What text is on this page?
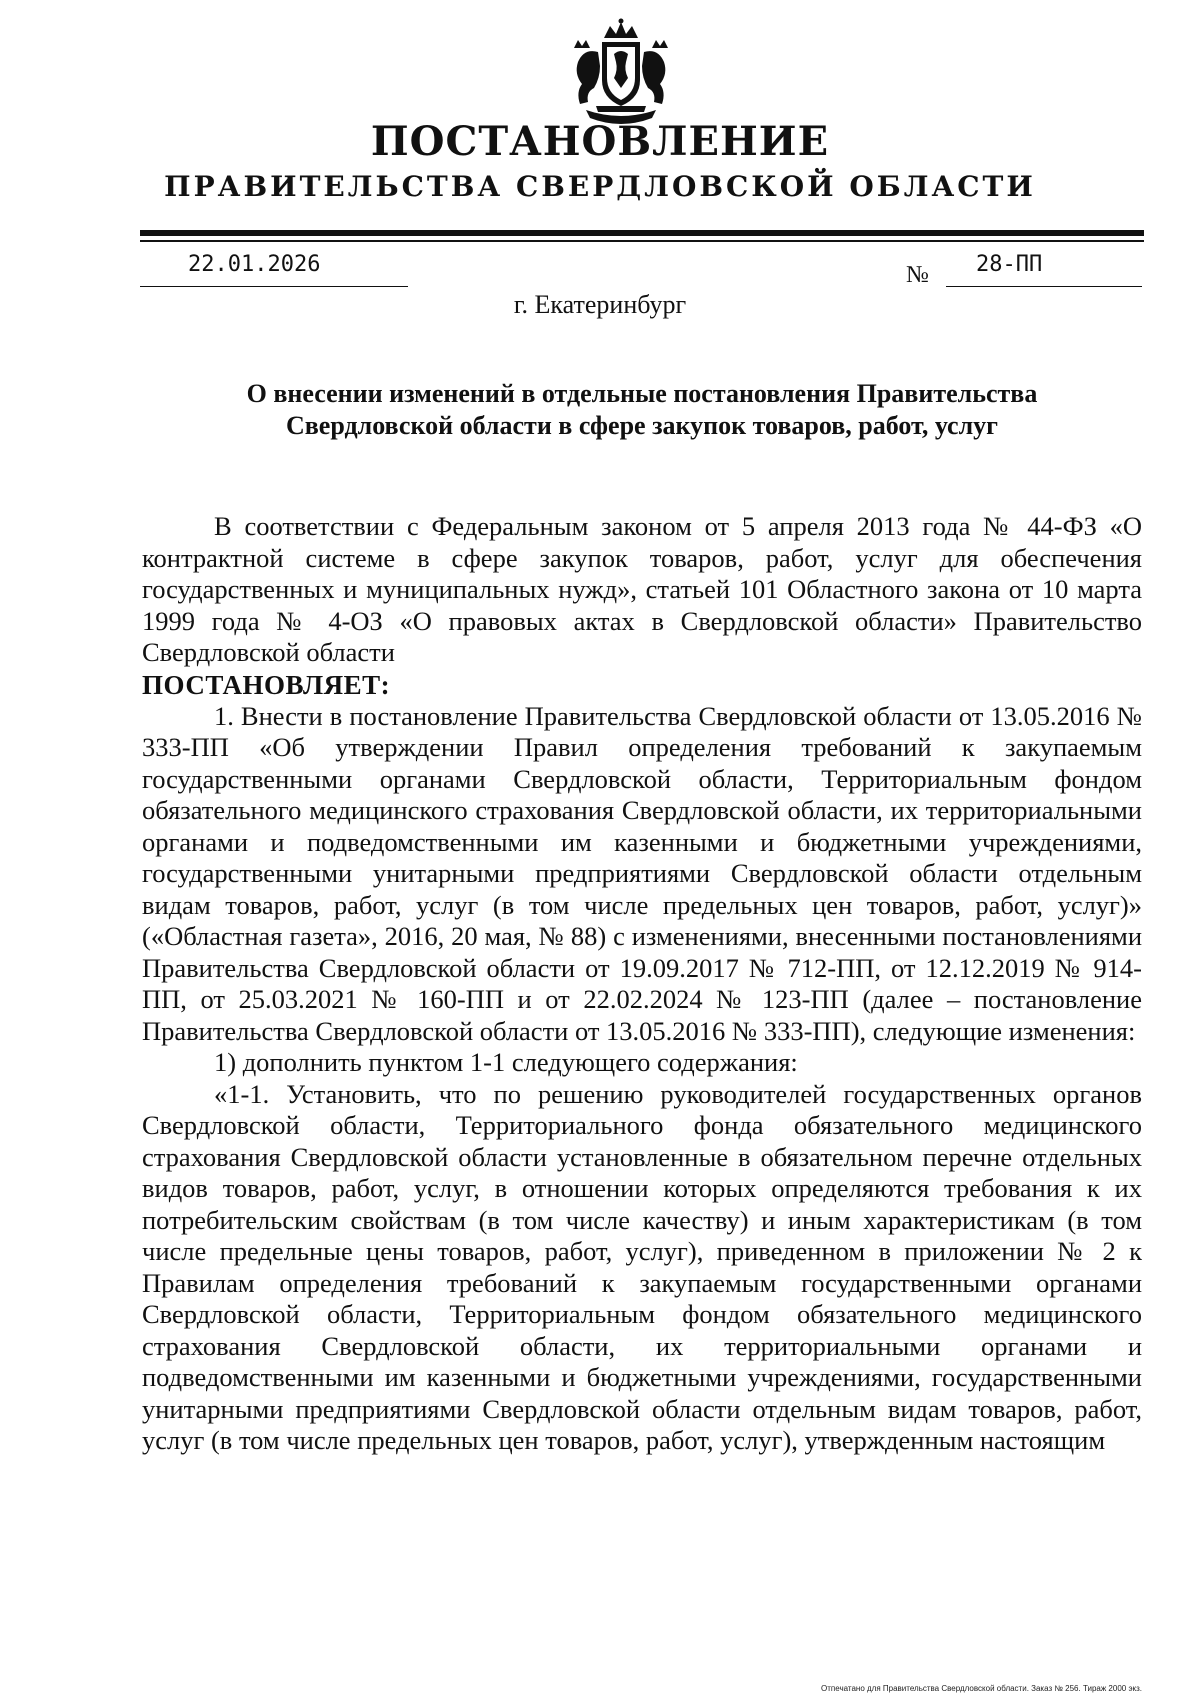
ПОСТАНОВЛЕНИЕ
ПРАВИТЕЛЬСТВА СВЕРДЛОВСКОЙ ОБЛАСТИ
22.01.2026	№ 28-ПП
г. Екатеринбург
О внесении изменений в отдельные постановления Правительства
Свердловской области в сфере закупок товаров, работ, услуг

В соответствии с Федеральным законом от 5 апреля 2013 года № 44-ФЗ «О контрактной системе в сфере закупок товаров, работ, услуг для обеспечения государственных и муниципальных нужд», статьей 101 Областного закона от 10 марта 1999 года № 4-ОЗ «О правовых актах в Свердловской области» Правительство Свердловской области

ПОСТАНОВЛЯЕТ:

1. Внести в постановление Правительства Свердловской области от 13.05.2016 № 333-ПП «Об утверждении Правил определения требований к закупаемым государственными органами Свердловской области, Территориальным фондом обязательного медицинского страхования Свердловской области, их территориальными органами и подведомственными им казенными и бюджетными учреждениями, государственными унитарными предприятиями Свердловской области отдельным видам товаров, работ, услуг (в том числе предельных цен товаров, работ, услуг)» («Областная газета», 2016, 20 мая, № 88) с изменениями, внесенными постановлениями Правительства Свердловской области от 19.09.2017 № 712-ПП, от 12.12.2019 № 914-ПП, от 25.03.2021 № 160-ПП и от 22.02.2024 № 123-ПП (далее – постановление Правительства Свердловской области от 13.05.2016 № 333-ПП), следующие изменения:

1) дополнить пунктом 1-1 следующего содержания:

«1-1. Установить, что по решению руководителей государственных органов Свердловской области, Территориального фонда обязательного медицинского страхования Свердловской области установленные в обязательном перечне отдельных видов товаров, работ, услуг, в отношении которых определяются требования к их потребительским свойствам (в том числе качеству) и иным характеристикам (в том числе предельные цены товаров, работ, услуг), приведенном в приложении № 2 к Правилам определения требований к закупаемым государственными органами Свердловской области, Территориальным фондом обязательного медицинского страхования Свердловской области, их территориальными органами и подведомственными им казенными и бюджетными учреждениями, государственными унитарными предприятиями Свердловской области отдельным видам товаров, работ, услуг (в том числе предельных цен товаров, работ, услуг), утвержденным настоящим

Отпечатано для Правительства Свердловской области. Заказ № 256. Тираж 2000 экз.
